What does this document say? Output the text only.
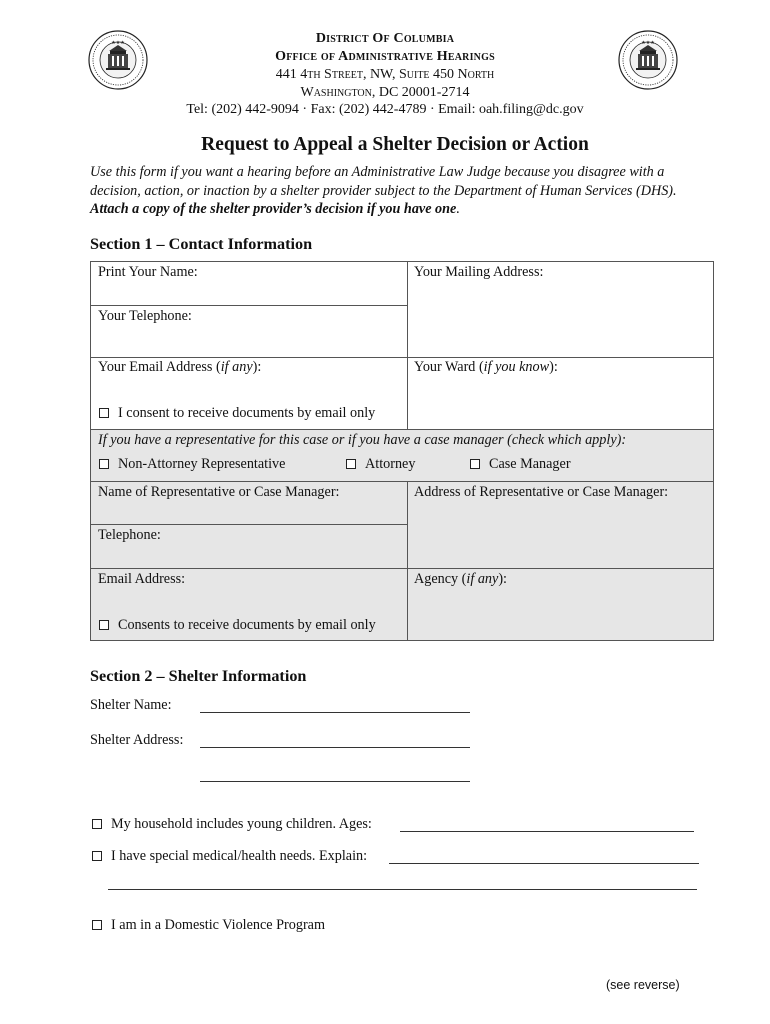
★★★	★★★
District Of Columbia
Office of Administrative Hearings
441 4th Street, NW, Suite 450 North
Washington, DC 20001-2714
Tel: (202) 442-9094 · Fax: (202) 442-4789 · Email: oah.filing@dc.gov
Request to Appeal a Shelter Decision or Action
Use this form if you want a hearing before an Administrative Law Judge because you disagree with a decision, action, or inaction by a shelter provider subject to the Department of Human Services (DHS). Attach a copy of the shelter provider’s decision if you have one.
Section 1 – Contact Information
Print Your Name:	Your Mailing Address:
Your Telephone:
Your Email Address (if any):	Your Ward (if you know):
I consent to receive documents by email only
If you have a representative for this case or if you have a case manager (check which apply):
Non-Attorney Representative	Attorney	Case Manager
Name of Representative or Case Manager:	Address of Representative or Case Manager:
Telephone:
Email Address:	Agency (if any):
Consents to receive documents by email only
Section 2 – Shelter Information
Shelter Name:
Shelter Address:
My household includes young children. Ages:
I have special medical/health needs. Explain:
I am in a Domestic Violence Program
(see reverse)
